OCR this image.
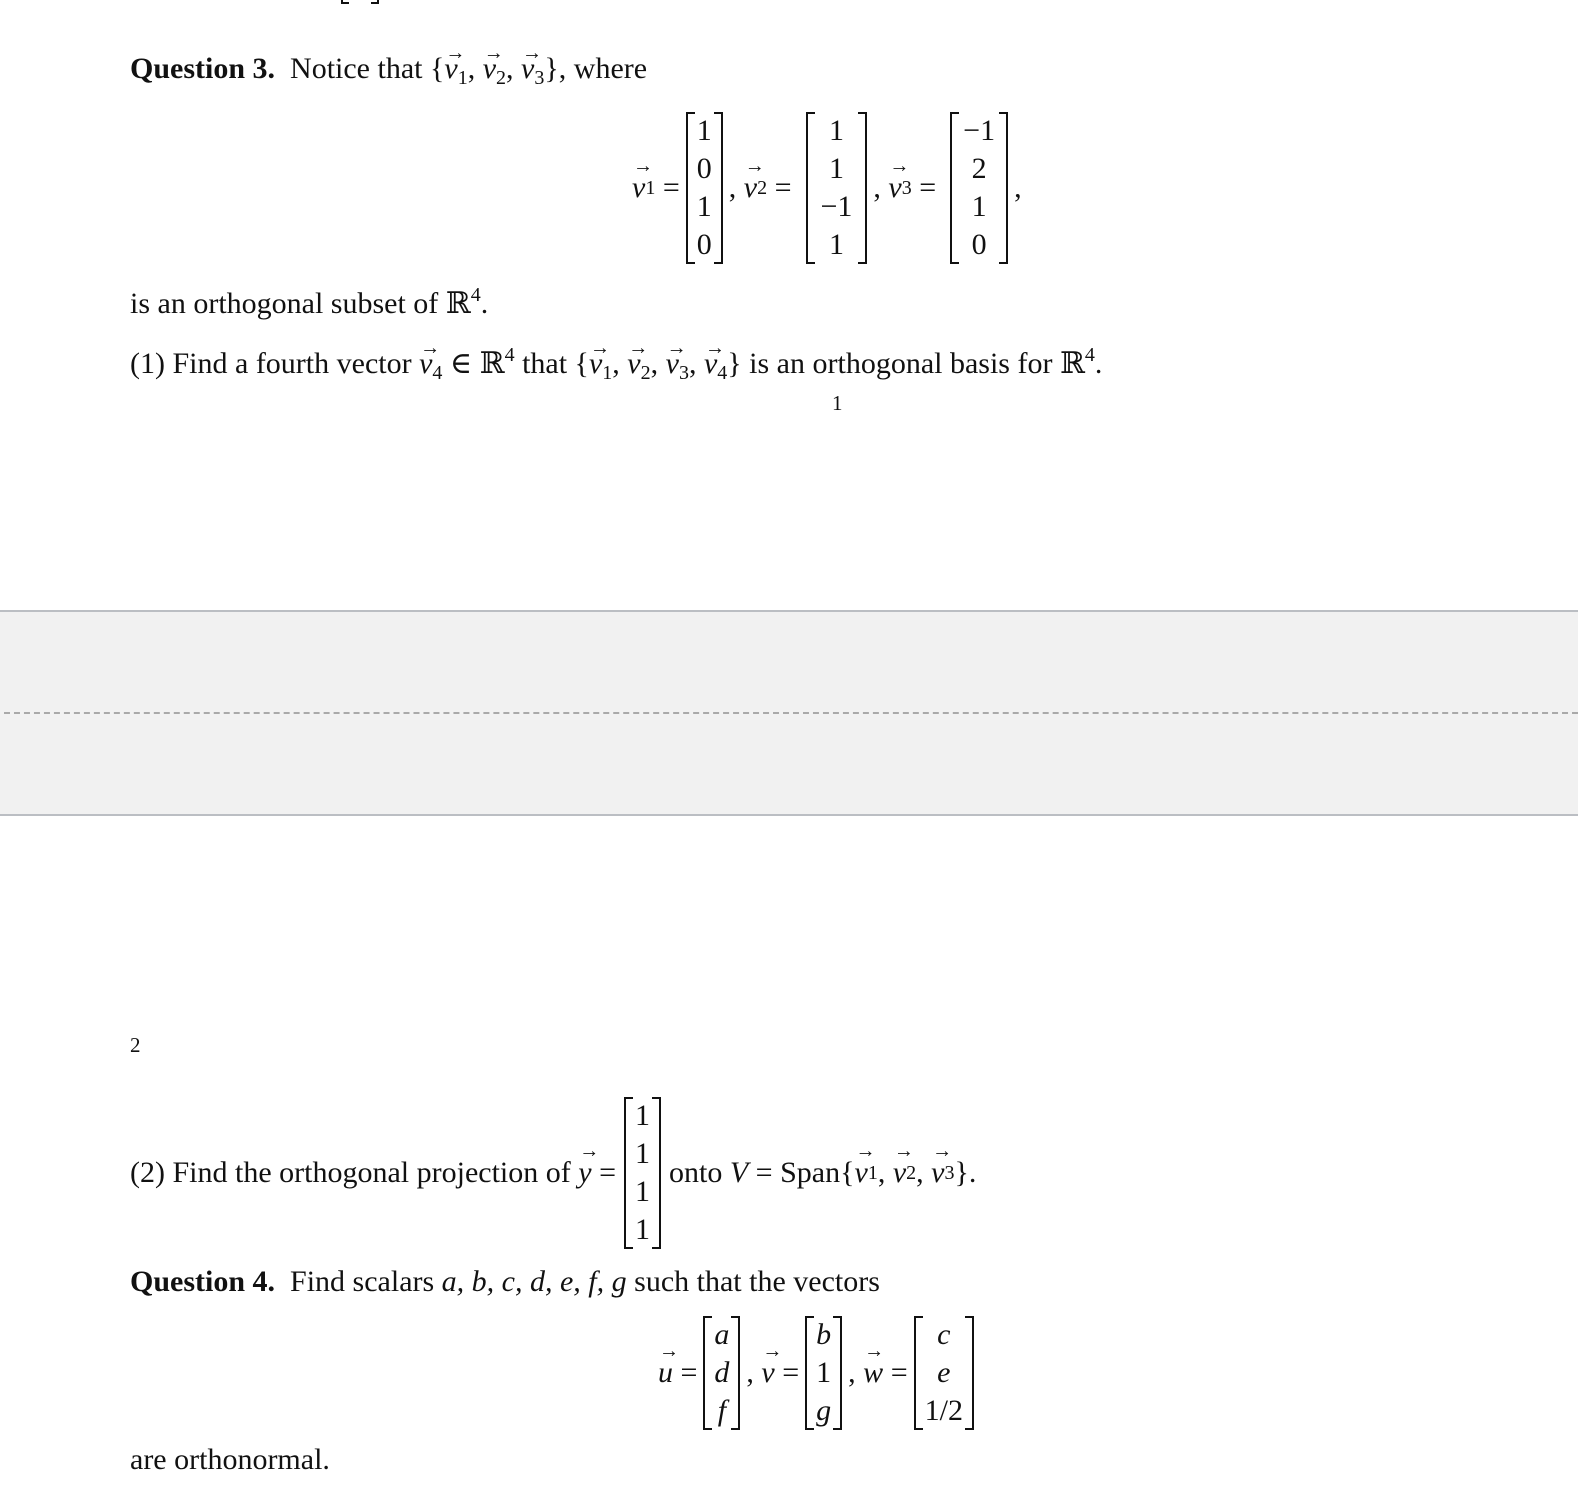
Question 3. Notice that {→ $v_1$, → $v_2$, → $v_3$}, where
→ v 1 =
1
0
1
0
, → v 2 =
1
1
−1
1
, → v 3 =
−1
2
1
0
,
is an orthogonal subset of ℝ$^4$.
(1) Find a fourth vector → $v_4$ ∈ ℝ$^4$ that {→ $v_1$, → $v_2$, → $v_3$, → $v_4$} is an orthogonal basis for ℝ$^4$.
1
2
(2) Find the orthogonal projection of
→ y =
1
1
1
1
onto
V
= Span{ → v 1 , → v 2 , → v 3 }.
Question 4. Find scalars a, b, c, d, e, f, g such that the vectors
→ u =
a
d
f
, → v =
b
1
g
, → w =
c
e
1/2
are orthonormal.
